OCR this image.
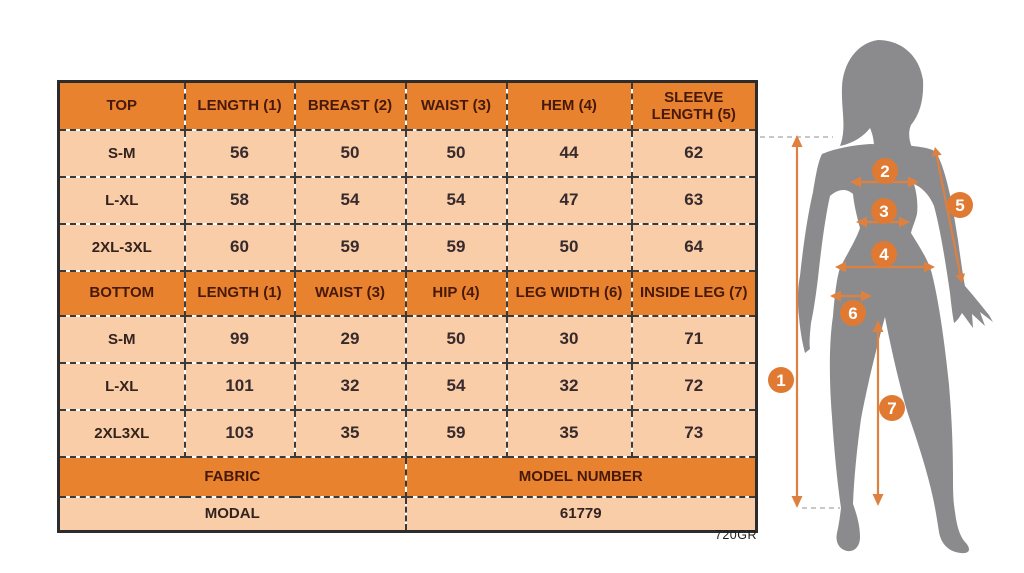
TOP	LENGTH (1)	BREAST (2)	WAIST (3)	HEM (4)	SLEEVE LENGTH (5)
S-M	56	50	50	44	62
L-XL	58	54	54	47	63
2XL-3XL	60	59	59	50	64
BOTTOM	LENGTH (1)	WAIST (3)	HIP (4)	LEG WIDTH (6)	INSIDE LEG (7)
S-M	99	29	50	30	71
L-XL	101	32	54	32	72
2XL3XL	103	35	59	35	73
FABRIC			MODEL NUMBER		
MODAL			61779		
720GR
1
2
3
4
5
6
7
